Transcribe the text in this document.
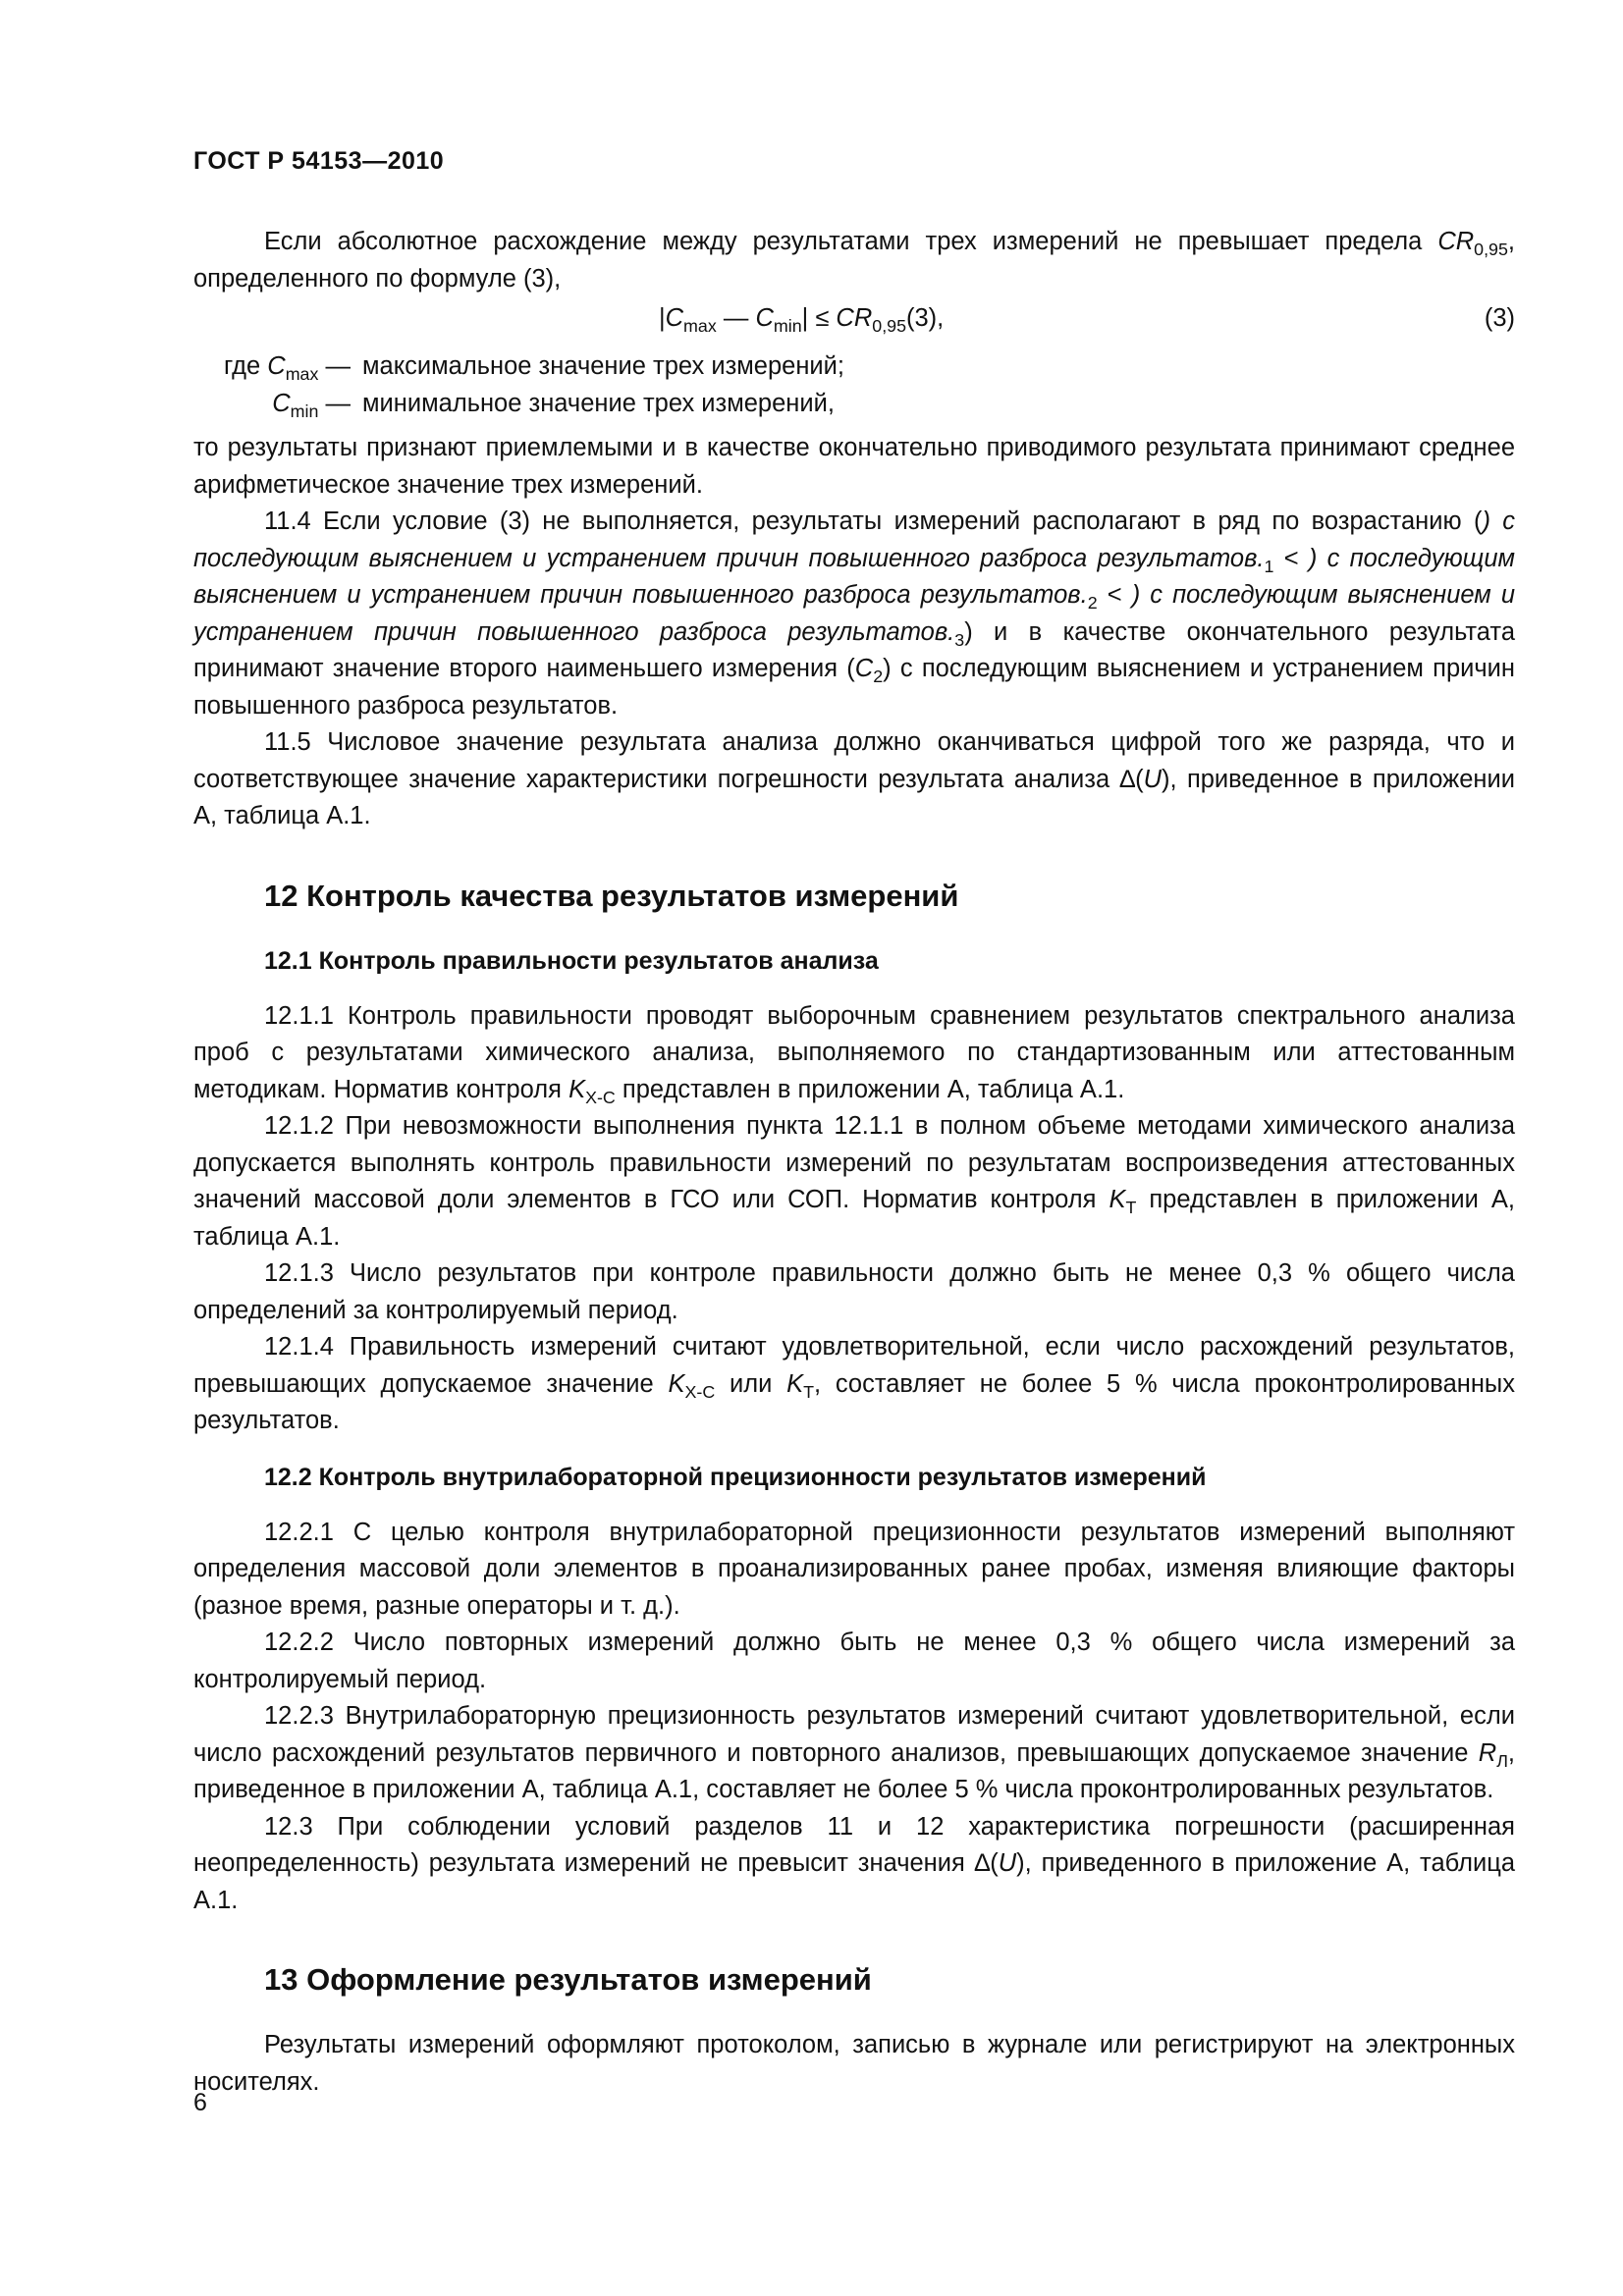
ГОСТ Р 54153—2010

Если абсолютное расхождение между результатами трех измерений не превышает предела $CR_{0,95}$, определенного по формуле (3),

$|C_{max}$ — $C_{min}| \le CR_{0,95}(3)$,	(3)
где $C_{max}$ — максимальное значение трех измерений;
$C_{min}$ — минимальное значение трех измерений,

то результаты признают приемлемыми и в качестве окончательно приводимого результата принимают среднее арифметическое значение трех измерений.

11.4 Если условие (3) не выполняется, результаты измерений располагают в ряд по возрастанию () с последующим выяснением и устранением причин повышенного разброса $результатов._1$ < ) с последующим выяснением и устранением причин повышенного разброса $результатов._2$ < ) с последующим выяснением и устранением причин повышенного разброса $результатов._3$) и в качестве окончательного результата принимают значение второго наименьшего измерения $(C_2)$ с последующим выяснением и устранением причин повышенного разброса результатов.

11.5 Числовое значение результата анализа должно оканчиваться цифрой того же разряда, что и соответствующее значение характеристики погрешности результата анализа ∆(U), приведенное в приложении А, таблица А.1.

12 Контроль качества результатов измерений
12.1 Контроль правильности результатов анализа

12.1.1 Контроль правильности проводят выборочным сравнением результатов спектрального анализа проб с результатами химического анализа, выполняемого по стандартизованным или аттестованным методикам. Норматив контроля $K_{Х-С}$ представлен в приложении А, таблица А.1.

12.1.2 При невозможности выполнения пункта 12.1.1 в полном объеме методами химического анализа допускается выполнять контроль правильности измерений по результатам воспроизведения аттестованных значений массовой доли элементов в ГСО или СОП. Норматив контроля $K_Т$ представлен в приложении А, таблица А.1.

12.1.3 Число результатов при контроле правильности должно быть не менее 0,3 % общего числа определений за контролируемый период.

12.1.4 Правильность измерений считают удовлетворительной, если число расхождений результатов, превышающих допускаемое значение $K_{Х-С}$ или $K_Т$, составляет не более 5 % числа проконтролированных результатов.

12.2 Контроль внутрилабораторной прецизионности результатов измерений

12.2.1 С целью контроля внутрилабораторной прецизионности результатов измерений выполняют определения массовой доли элементов в проанализированных ранее пробах, изменяя влияющие факторы (разное время, разные операторы и т. д.).

12.2.2 Число повторных измерений должно быть не менее 0,3 % общего числа измерений за контролируемый период.

12.2.3 Внутрилабораторную прецизионность результатов измерений считают удовлетворительной, если число расхождений результатов первичного и повторного анализов, превышающих допускаемое значение $R_Л$, приведенное в приложении А, таблица А.1, составляет не более 5 % числа проконтролированных результатов.

12.3 При соблюдении условий разделов 11 и 12 характеристика погрешности (расширенная неопределенность) результата измерений не превысит значения ∆(U), приведенного в приложение А, таблица А.1.

13 Оформление результатов измерений

Результаты измерений оформляют протоколом, записью в журнале или регистрируют на электронных носителях.

6
